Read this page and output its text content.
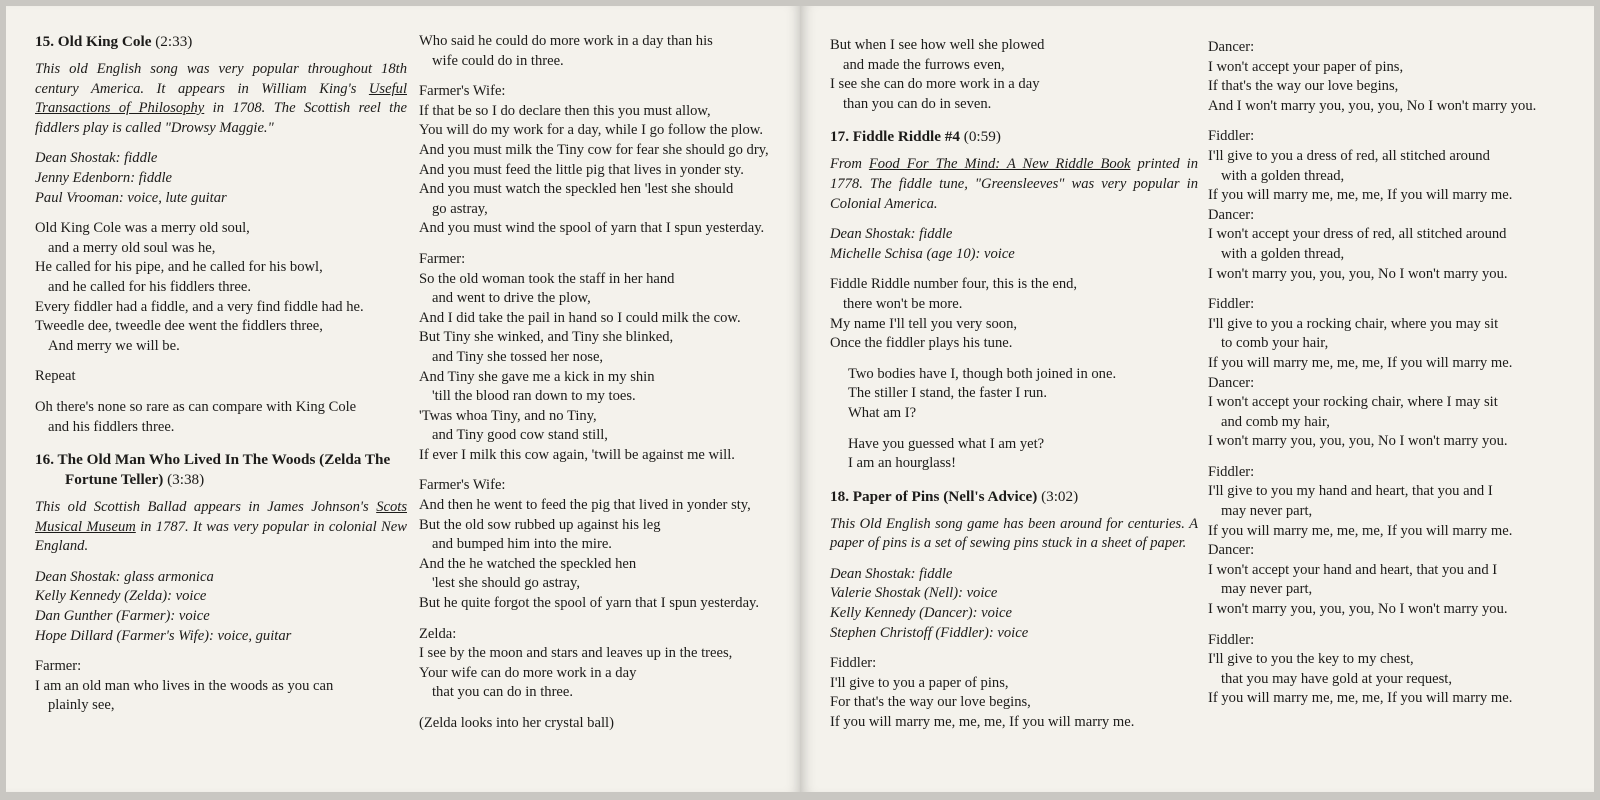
15. Old King Cole (2:33)
This old English song was very popular throughout 18th century America. It appears in William King's Useful Transactions of Philosophy in 1708. The Scottish reel the fiddlers play is called "Drowsy Maggie."
Dean Shostak: fiddle
Jenny Edenborn: fiddle
Paul Vrooman: voice, lute guitar
Old King Cole was a merry old soul,
and a merry old soul was he,
He called for his pipe, and he called for his bowl,
and he called for his fiddlers three.
Every fiddler had a fiddle, and a very find fiddle had he.
Tweedle dee, tweedle dee went the fiddlers three,
And merry we will be.
Repeat
Oh there's none so rare as can compare with King Cole
and his fiddlers three.
16. The Old Man Who Lived In The Woods (Zelda The Fortune Teller) (3:38)
This old Scottish Ballad appears in James Johnson's Scots Musical Museum in 1787. It was very popular in colonial New England.
Dean Shostak: glass armonica
Kelly Kennedy (Zelda): voice
Dan Gunther (Farmer): voice
Hope Dillard (Farmer's Wife): voice, guitar
Farmer:
I am an old man who lives in the woods as you can
plainly see,
Who said he could do more work in a day than his
wife could do in three.
Farmer's Wife:
If that be so I do declare then this you must allow,
You will do my work for a day, while I go follow the plow.
And you must milk the Tiny cow for fear she should go dry,
And you must feed the little pig that lives in yonder sty.
And you must watch the speckled hen 'lest she should
go astray,
And you must wind the spool of yarn that I spun yesterday.
Farmer:
So the old woman took the staff in her hand
and went to drive the plow,
And I did take the pail in hand so I could milk the cow.
But Tiny she winked, and Tiny she blinked,
and Tiny she tossed her nose,
And Tiny she gave me a kick in my shin
'till the blood ran down to my toes.
'Twas whoa Tiny, and no Tiny,
and Tiny good cow stand still,
If ever I milk this cow again, 'twill be against me will.
Farmer's Wife:
And then he went to feed the pig that lived in yonder sty,
But the old sow rubbed up against his leg
and bumped him into the mire.
And the he watched the speckled hen
'lest she should go astray,
But he quite forgot the spool of yarn that I spun yesterday.
Zelda:
I see by the moon and stars and leaves up in the trees,
Your wife can do more work in a day
that you can do in three.
(Zelda looks into her crystal ball)
But when I see how well she plowed
and made the furrows even,
I see she can do more work in a day
than you can do in seven.
17. Fiddle Riddle #4 (0:59)
From Food For The Mind: A New Riddle Book printed in 1778. The fiddle tune, "Greensleeves" was very popular in Colonial America.
Dean Shostak: fiddle
Michelle Schisa (age 10): voice
Fiddle Riddle number four, this is the end,
there won't be more.
My name I'll tell you very soon,
Once the fiddler plays his tune.
Two bodies have I, though both joined in one.
The stiller I stand, the faster I run.
What am I?
Have you guessed what I am yet?
I am an hourglass!
18. Paper of Pins (Nell's Advice) (3:02)
This Old English song game has been around for centuries. A paper of pins is a set of sewing pins stuck in a sheet of paper.
Dean Shostak: fiddle
Valerie Shostak (Nell): voice
Kelly Kennedy (Dancer): voice
Stephen Christoff (Fiddler): voice
Fiddler:
I'll give to you a paper of pins,
For that's the way our love begins,
If you will marry me, me, me, If you will marry me.
Dancer:
I won't accept your paper of pins,
If that's the way our love begins,
And I won't marry you, you, you, No I won't marry you.
Fiddler:
I'll give to you a dress of red, all stitched around
with a golden thread,
If you will marry me, me, me, If you will marry me.
Dancer:
I won't accept your dress of red, all stitched around
with a golden thread,
I won't marry you, you, you, No I won't marry you.
Fiddler:
I'll give to you a rocking chair, where you may sit
to comb your hair,
If you will marry me, me, me, If you will marry me.
Dancer:
I won't accept your rocking chair, where I may sit
and comb my hair,
I won't marry you, you, you, No I won't marry you.
Fiddler:
I'll give to you my hand and heart, that you and I
may never part,
If you will marry me, me, me, If you will marry me.
Dancer:
I won't accept your hand and heart, that you and I
may never part,
I won't marry you, you, you, No I won't marry you.
Fiddler:
I'll give to you the key to my chest,
that you may have gold at your request,
If you will marry me, me, me, If you will marry me.
